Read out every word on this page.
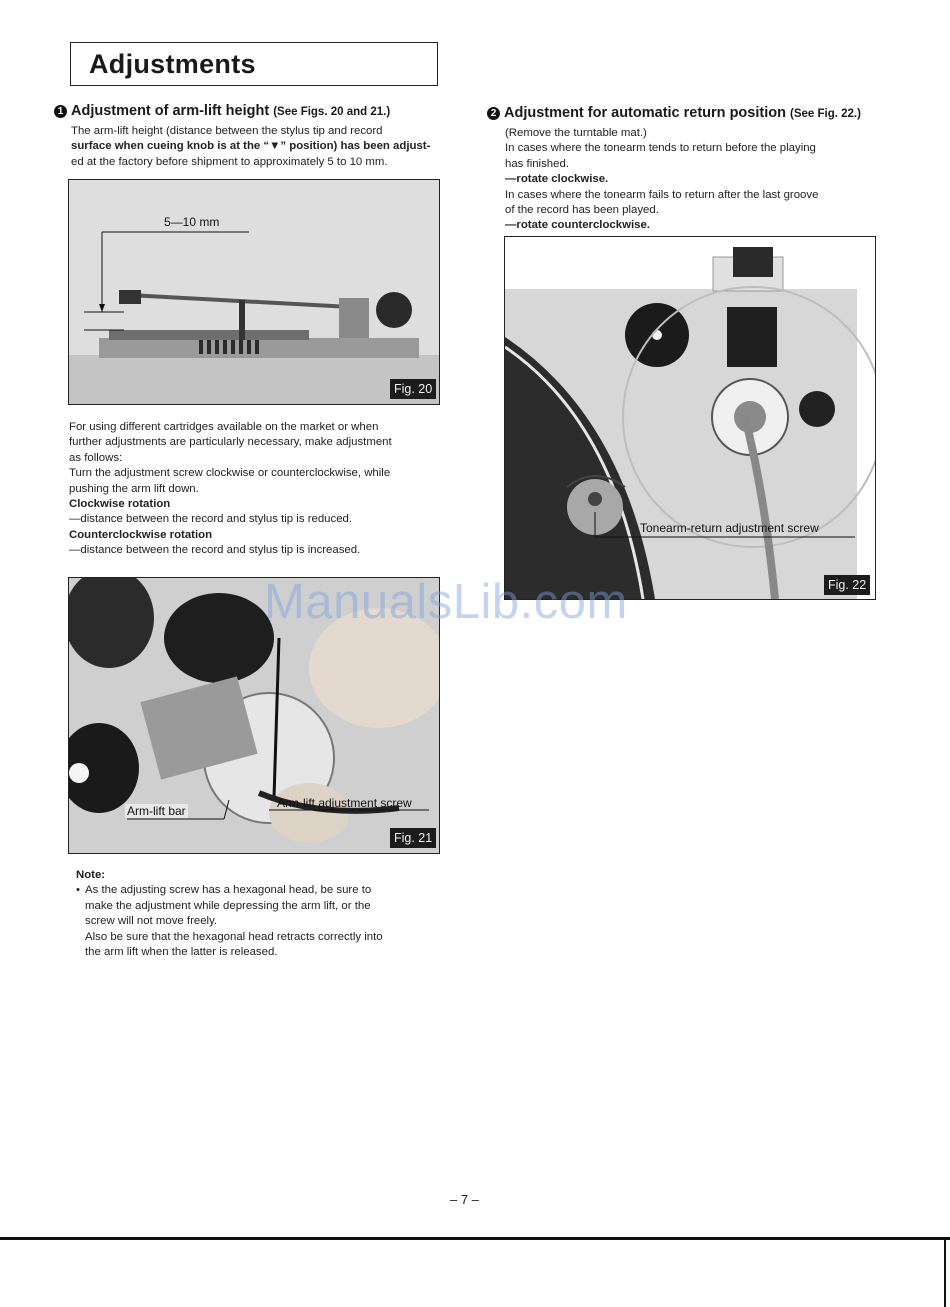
Adjustments
1 Adjustment of arm-lift height (See Figs. 20 and 21.)

The arm-lift height (distance between the stylus tip and record

surface when cueing knob is at the “▼” position) has been adjust-

ed at the factory before shipment to approximately 5 to 10 mm.

5—10 mm
Fig. 20

For using different cartridges available on the market or when

further adjustments are particularly necessary, make adjustment

as follows:

Turn the adjustment screw clockwise or counterclockwise, while

pushing the arm lift down.

Clockwise rotation

—distance between the record and stylus tip is reduced.

Counterclockwise rotation

—distance between the record and stylus tip is increased.

Arm-lift bar
Arm-lift adjustment screw
Fig. 21

Note:

• As the adjusting screw has a hexagonal head, be sure to

make the adjustment while depressing the arm lift, or the

screw will not move freely.

Also be sure that the hexagonal head retracts correctly into

the arm lift when the latter is released.

2 Adjustment for automatic return position (See Fig. 22.)

(Remove the turntable mat.)

In cases where the tonearm tends to return before the playing

has finished.

—rotate clockwise.

In cases where the tonearm fails to return after the last groove

of the record has been played.

—rotate counterclockwise.

Tonearm-return adjustment screw
Fig. 22
ManualsLib.com
– 7 –
